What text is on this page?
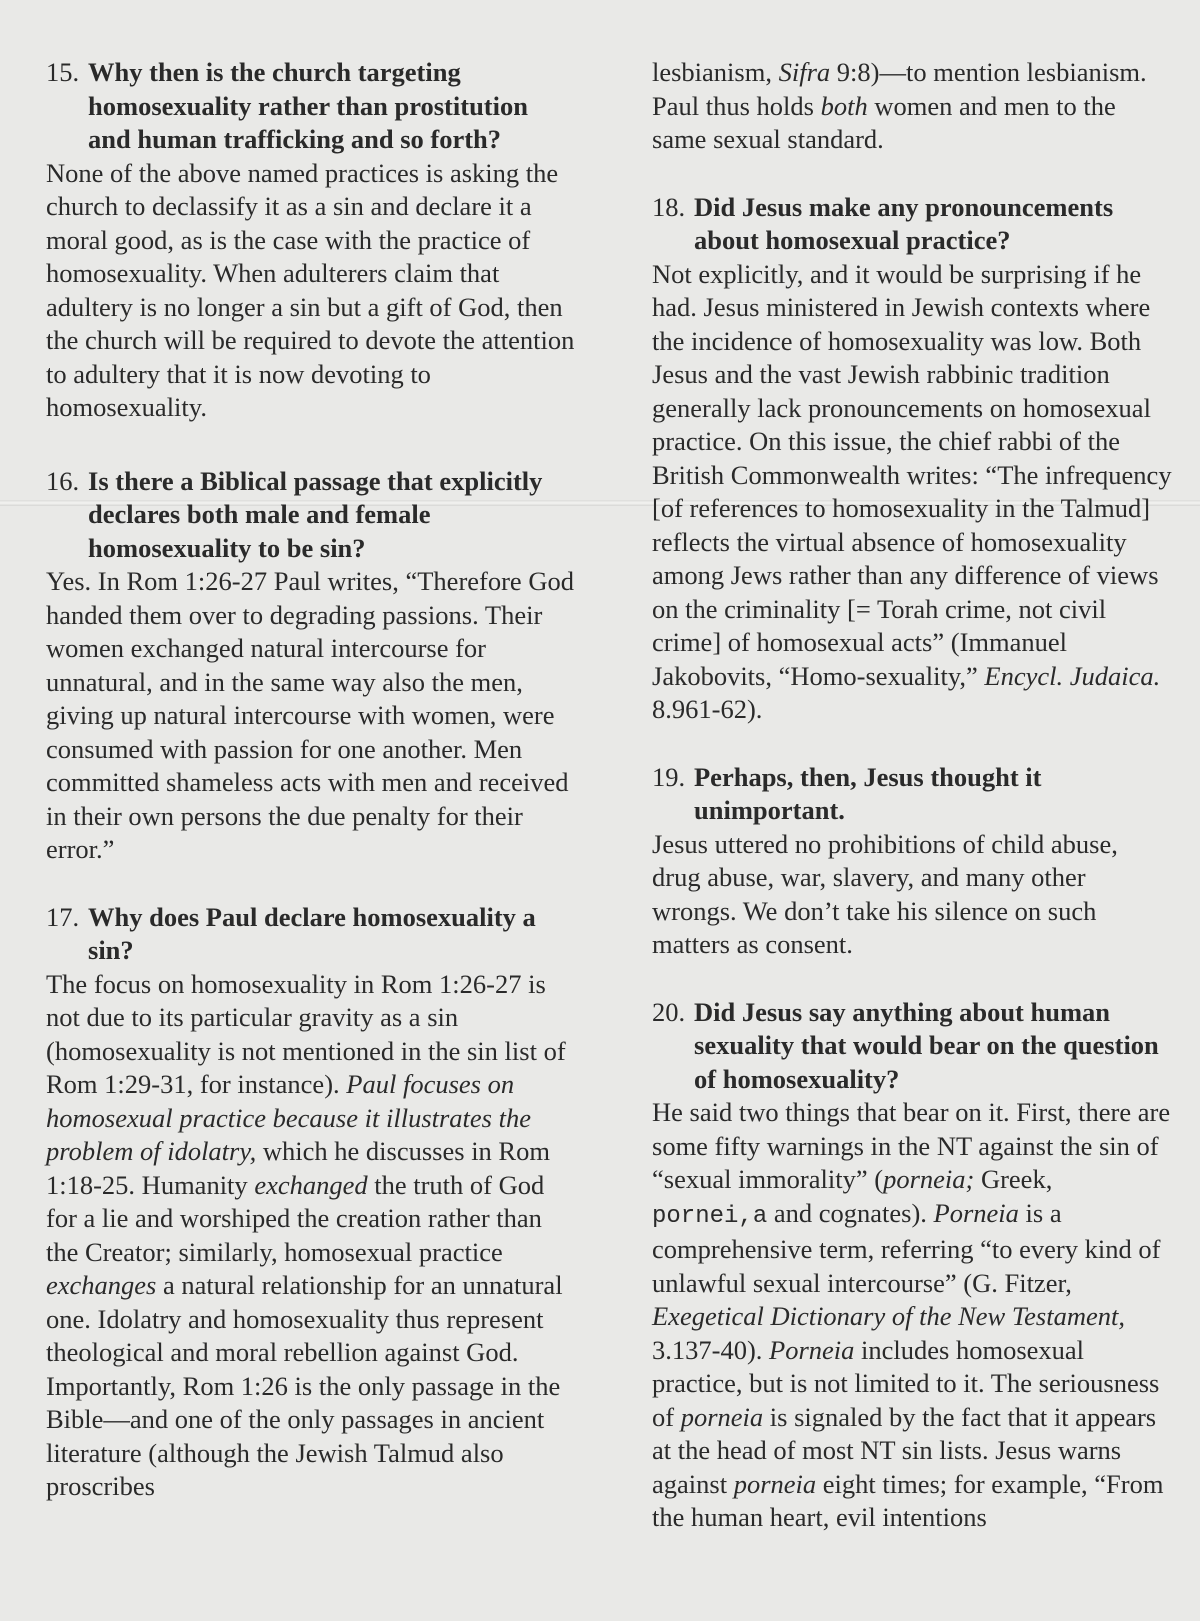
15. Why then is the church targeting homosexuality rather than prostitution and human trafficking and so forth?

None of the above named practices is asking the church to declassify it as a sin and declare it a moral good, as is the case with the practice of homosexuality. When adulterers claim that adultery is no longer a sin but a gift of God, then the church will be required to devote the attention to adultery that it is now devoting to homosexuality.

16. Is there a Biblical passage that explicitly declares both male and female homosexuality to be sin?

Yes. In Rom 1:26-27 Paul writes, “Therefore God handed them over to degrading passions. Their women exchanged natural intercourse for unnatural, and in the same way also the men, giving up natural intercourse with women, were consumed with passion for one another. Men committed shameless acts with men and received in their own persons the due penalty for their error.”

17. Why does Paul declare homosexuality a sin?

The focus on homosexuality in Rom 1:26-27 is not due to its particular gravity as a sin (homosexuality is not mentioned in the sin list of Rom 1:29-31, for instance). Paul focuses on homosexual practice because it illustrates the problem of idolatry, which he discusses in Rom 1:18-25. Humanity exchanged the truth of God for a lie and worshiped the creation rather than the Creator; similarly, homosexual practice exchanges a natural relationship for an unnatural one. Idolatry and homosexuality thus represent theological and moral rebellion against God. Importantly, Rom 1:26 is the only passage in the Bible—and one of the only passages in ancient literature (although the Jewish Talmud also proscribes

lesbianism, Sifra 9:8)—to mention lesbianism. Paul thus holds both women and men to the same sexual standard.

18. Did Jesus make any pronouncements about homosexual practice?

Not explicitly, and it would be surprising if he had. Jesus ministered in Jewish contexts where the incidence of homosexuality was low. Both Jesus and the vast Jewish rabbinic tradition generally lack pronouncements on homosexual practice. On this issue, the chief rabbi of the British Commonwealth writes: “The infrequency [of references to homosexuality in the Talmud] reflects the virtual absence of homosexuality among Jews rather than any difference of views on the criminality [= Torah crime, not civil crime] of homosexual acts” (Immanuel Jakobovits, “Homo-sexuality,” Encycl. Judaica. 8.961-62).

19. Perhaps, then, Jesus thought it unimportant.

Jesus uttered no prohibitions of child abuse, drug abuse, war, slavery, and many other wrongs. We don’t take his silence on such matters as consent.

20. Did Jesus say anything about human sexuality that would bear on the question of homosexuality?

He said two things that bear on it. First, there are some fifty warnings in the NT against the sin of “sexual immorality” (porneia; Greek, pornei,a and cognates). Porneia is a comprehensive term, referring “to every kind of unlawful sexual intercourse” (G. Fitzer, Exegetical Dictionary of the New Testament, 3.137-40). Porneia includes homosexual practice, but is not limited to it. The seriousness of porneia is signaled by the fact that it appears at the head of most NT sin lists. Jesus warns against porneia eight times; for example, “From the human heart, evil intentions
